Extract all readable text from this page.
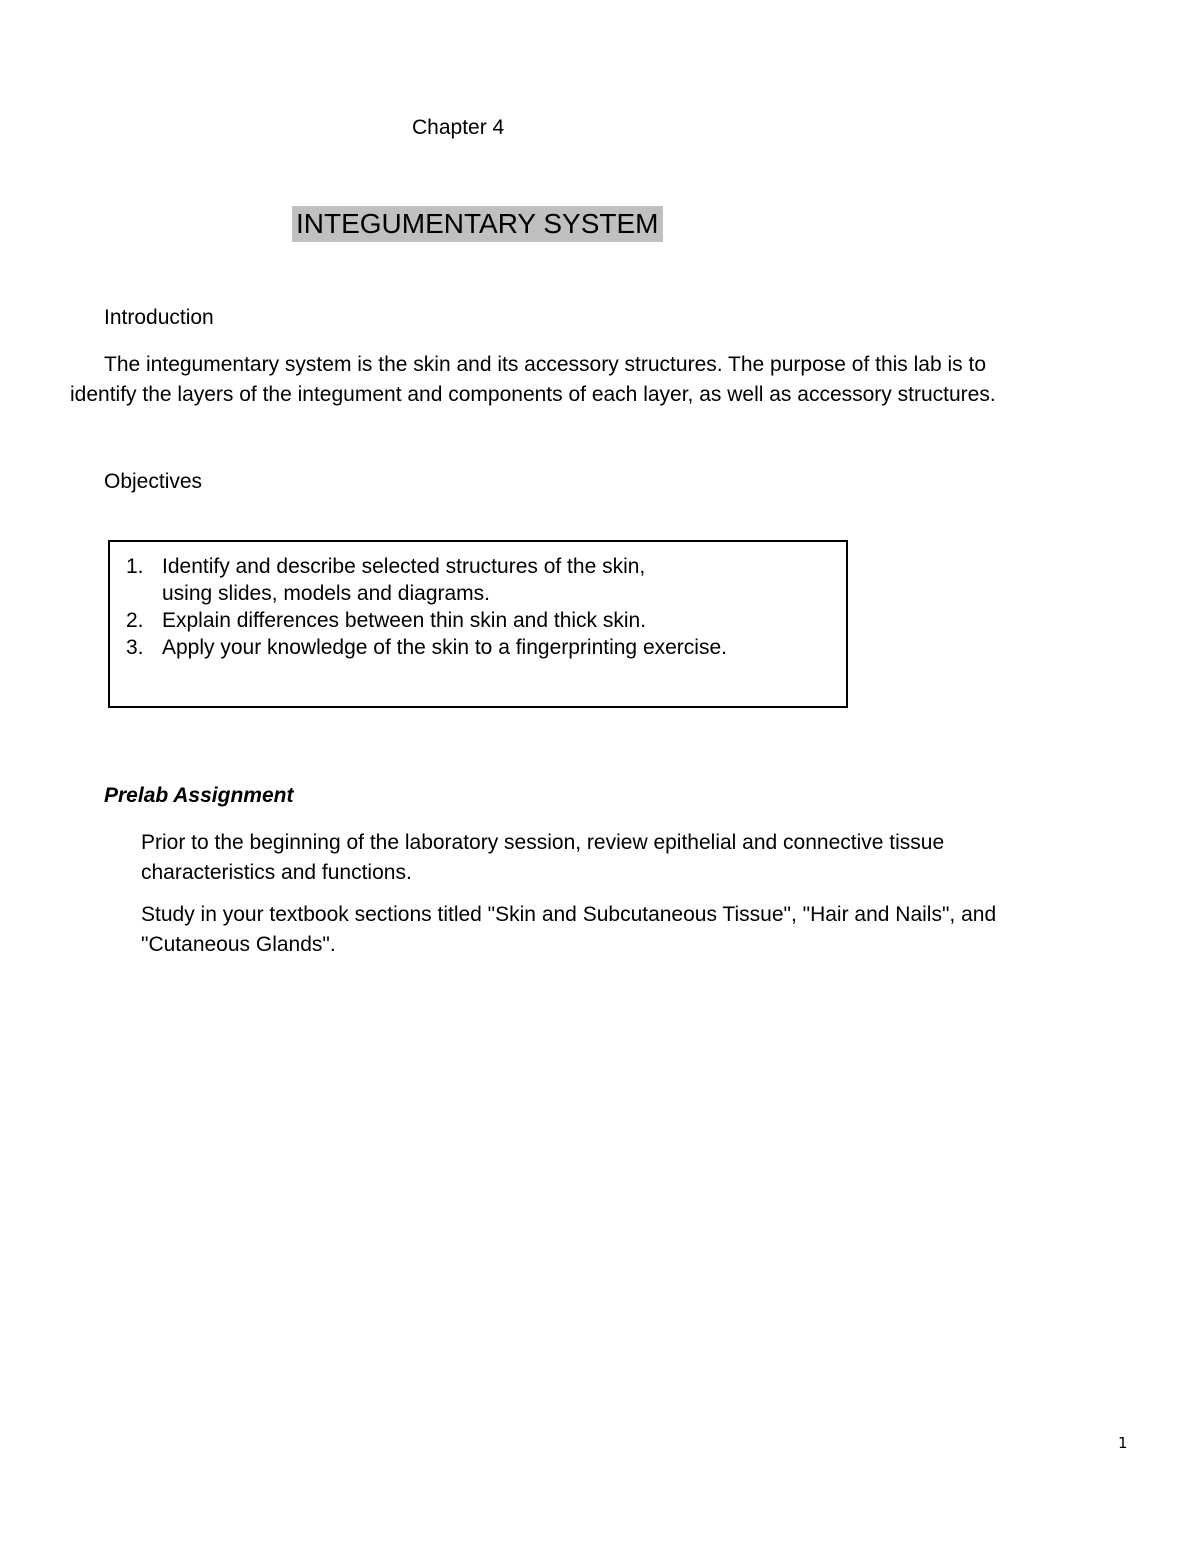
Chapter 4
INTEGUMENTARY SYSTEM
Introduction
The integumentary system is the skin and its accessory structures. The purpose of this lab is to
identify the layers of the integument and components of each layer, as well as accessory structures.
Objectives
1. Identify and describe selected structures of the skin,
using slides, models and diagrams.
2. Explain differences between thin skin and thick skin.
3. Apply your knowledge of the skin to a fingerprinting exercise.
Prelab Assignment
Prior to the beginning of the laboratory session, review epithelial and connective tissue
characteristics and functions.
Study in your textbook sections titled "Skin and Subcutaneous Tissue", "Hair and Nails", and
"Cutaneous Glands".
1
